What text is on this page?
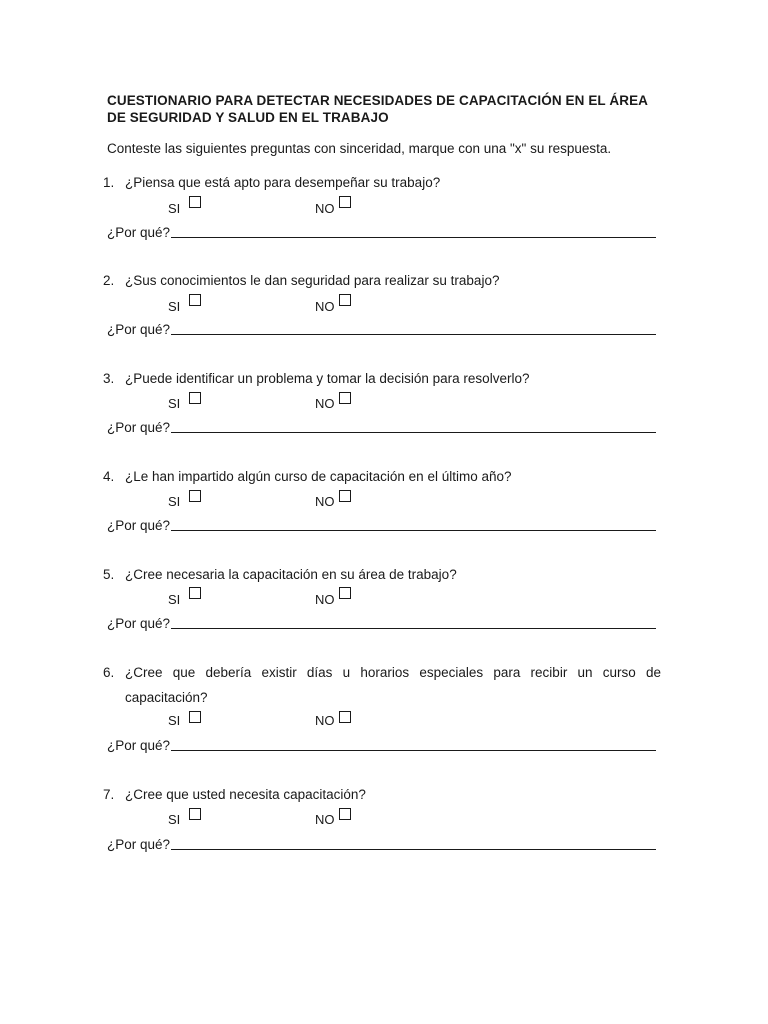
CUESTIONARIO PARA DETECTAR NECESIDADES DE CAPACITACIÓN EN EL ÁREA
DE SEGURIDAD Y SALUD EN EL TRABAJO
Conteste las siguientes preguntas con sinceridad, marque con una "x" su respuesta.
1. ¿Piensa que está apto para desempeñar su trabajo?
SI	NO
¿Por qué?
2. ¿Sus conocimientos le dan seguridad para realizar su trabajo?
SI	NO
¿Por qué?
3. ¿Puede identificar un problema y tomar la decisión para resolverlo?
SI	NO
¿Por qué?
4. ¿Le han impartido algún curso de capacitación en el último año?
SI	NO
¿Por qué?
5. ¿Cree necesaria la capacitación en su área de trabajo?
SI	NO
¿Por qué?
6. ¿Cree que debería existir días u horarios especiales para recibir un curso de
capacitación?
SI	NO
¿Por qué?
7. ¿Cree que usted necesita capacitación?
SI	NO
¿Por qué?
